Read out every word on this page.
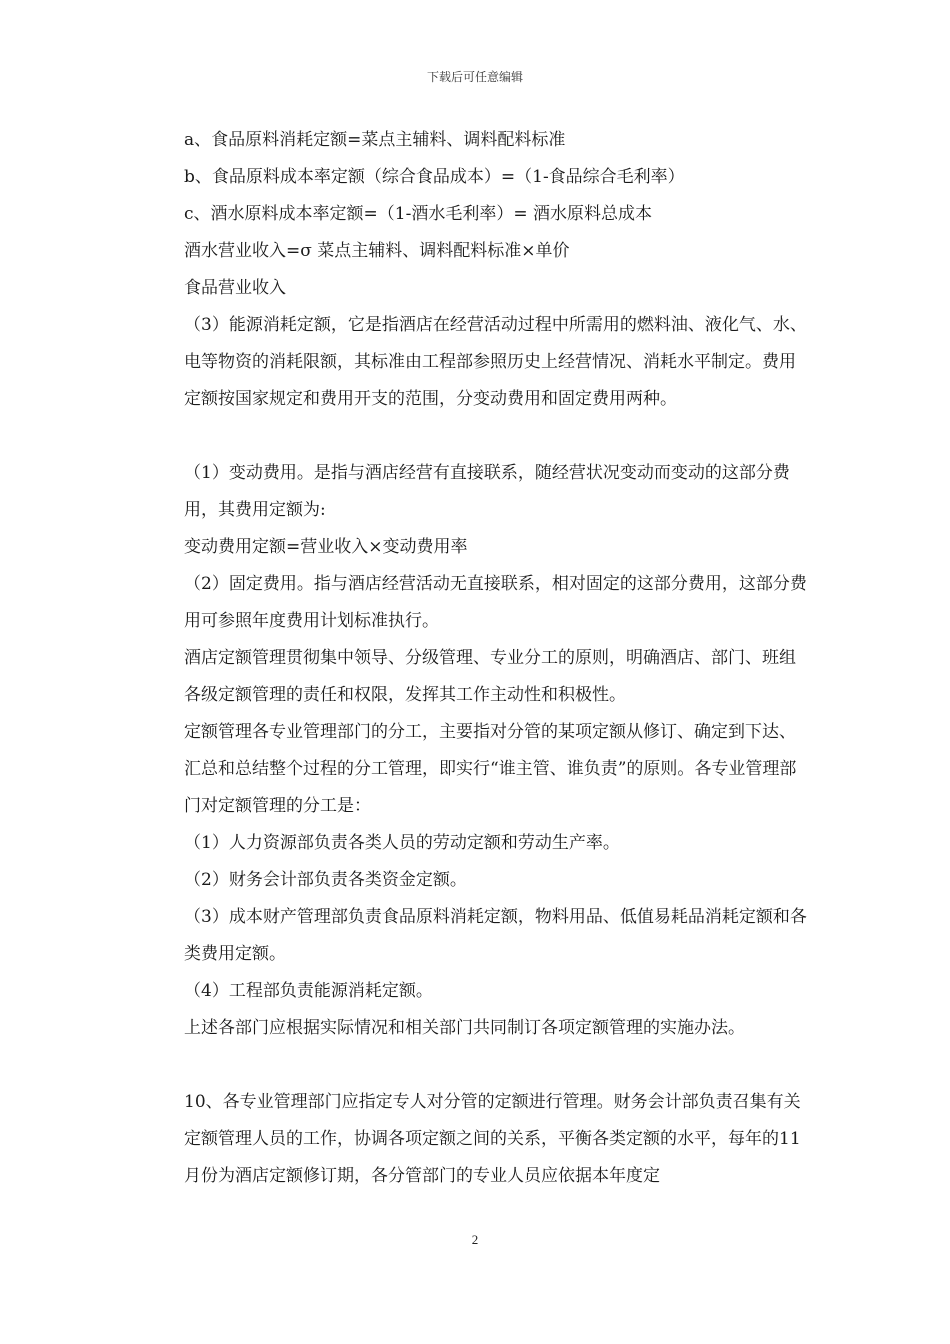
下载后可任意编辑

a、食品原料消耗定额=菜点主辅料、调料配料标准

b、食品原料成本率定额（综合食品成本）=（1-食品综合毛利率）

c、酒水原料成本率定额=（1-酒水毛利率）= 酒水原料总成本

酒水营业收入=σ 菜点主辅料、调料配料标准×单价

食品营业收入

（3）能源消耗定额，它是指酒店在经营活动过程中所需用的燃料油、液化气、水、电等物资的消耗限额，其标准由工程部参照历史上经营情况、消耗水平制定。费用定额按国家规定和费用开支的范围，分变动费用和固定费用两种。

（1）变动费用。是指与酒店经营有直接联系，随经营状况变动而变动的这部分费用，其费用定额为:

变动费用定额=营业收入×变动费用率

（2）固定费用。指与酒店经营活动无直接联系，相对固定的这部分费用，这部分费用可参照年度费用计划标准执行。

酒店定额管理贯彻集中领导、分级管理、专业分工的原则，明确酒店、部门、班组各级定额管理的责任和权限，发挥其工作主动性和积极性。

定额管理各专业管理部门的分工，主要指对分管的某项定额从修订、确定到下达、汇总和总结整个过程的分工管理，即实行“谁主管、谁负责”的原则。各专业管理部门对定额管理的分工是：

（1）人力资源部负责各类人员的劳动定额和劳动生产率。

（2）财务会计部负责各类资金定额。

（3）成本财产管理部负责食品原料消耗定额，物料用品、低值易耗品消耗定额和各类费用定额。

（4）工程部负责能源消耗定额。

上述各部门应根据实际情况和相关部门共同制订各项定额管理的实施办法。

10、各专业管理部门应指定专人对分管的定额进行管理。财务会计部负责召集有关定额管理人员的工作，协调各项定额之间的关系，平衡各类定额的水平，每年的11月份为酒店定额修订期，各分管部门的专业人员应依据本年度定

2
